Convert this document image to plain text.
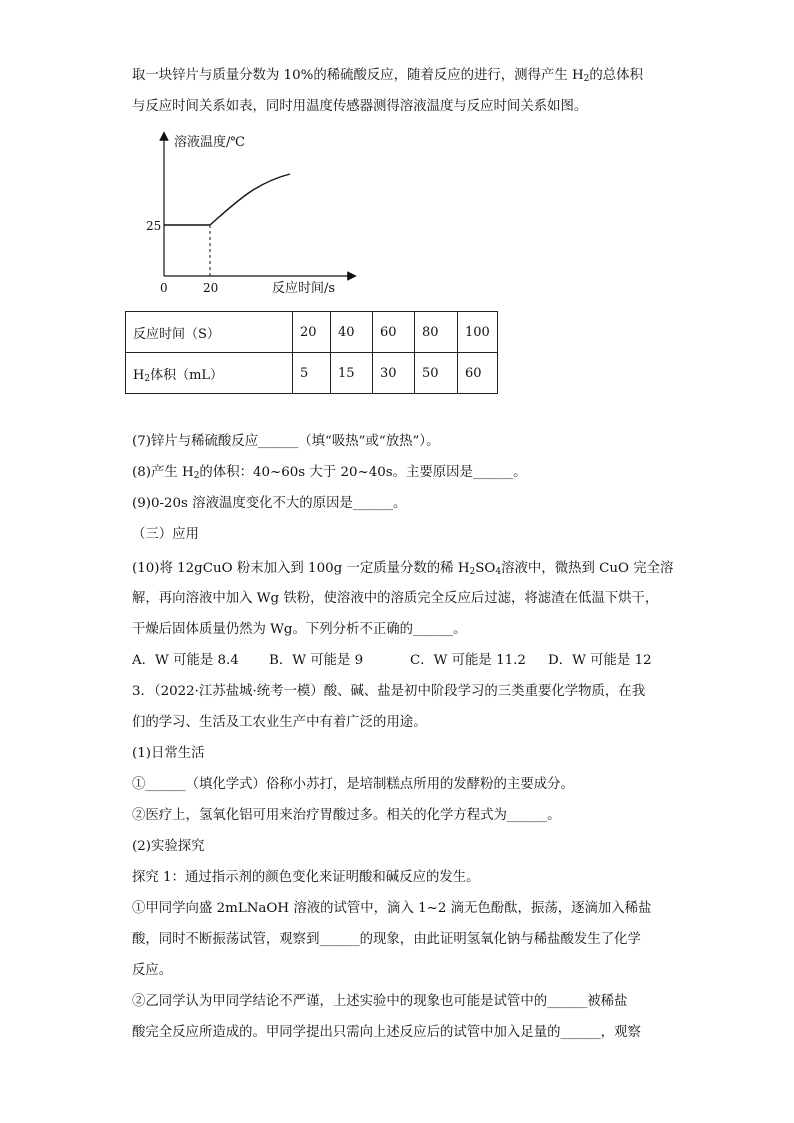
取一块锌片与质量分数为 10%的稀硫酸反应，随着反应的进行，测得产生 $H_2$的总体积
与反应时间关系如表，同时用温度传感器测得溶液温度与反应时间关系如图。
溶液温度/℃
反应时间/s
0
25
20
反应时间（S）	20	40	60	80	100
$H_2$体积（mL）	5	15	30	50	60
(7)锌片与稀硫酸反应______（填“吸热”或“放热”）。
(8)产生 $H_2$的体积：40~60s 大于 20~40s。主要原因是______。
(9)0-20s 溶液温度变化不大的原因是______。
（三）应用
(10)将 12gCuO 粉末加入到 100g 一定质量分数的稀 $H_2SO_4$溶液中，微热到 CuO 完全溶
解，再向溶液中加入 Wg 铁粉，使溶液中的溶质完全反应后过滤，将滤渣在低温下烘干，
干燥后固体质量仍然为 Wg。下列分析不正确的______。
A．W 可能是 8.4 B．W 可能是 9	C．W 可能是 11.2 D．W 可能是 12
3．（2022·江苏盐城·统考一模）酸、碱、盐是初中阶段学习的三类重要化学物质，在我
们的学习、生活及工农业生产中有着广泛的用途。
(1)日常生活
①______（填化学式）俗称小苏打，是培制糕点所用的发酵粉的主要成分。
②医疗上，氢氧化铝可用来治疗胃酸过多。相关的化学方程式为______。
(2)实验探究
探究 1：通过指示剂的颜色变化来证明酸和碱反应的发生。
①甲同学向盛 2mLNaOH 溶液的试管中，滴入 1~2 滴无色酚酞，振荡，逐滴加入稀盐
酸，同时不断振荡试管，观察到______的现象，由此证明氢氧化钠与稀盐酸发生了化学
反应。
②乙同学认为甲同学结论不严谨，上述实验中的现象也可能是试管中的______被稀盐
酸完全反应所造成的。甲同学提出只需向上述反应后的试管中加入足量的______，观察
